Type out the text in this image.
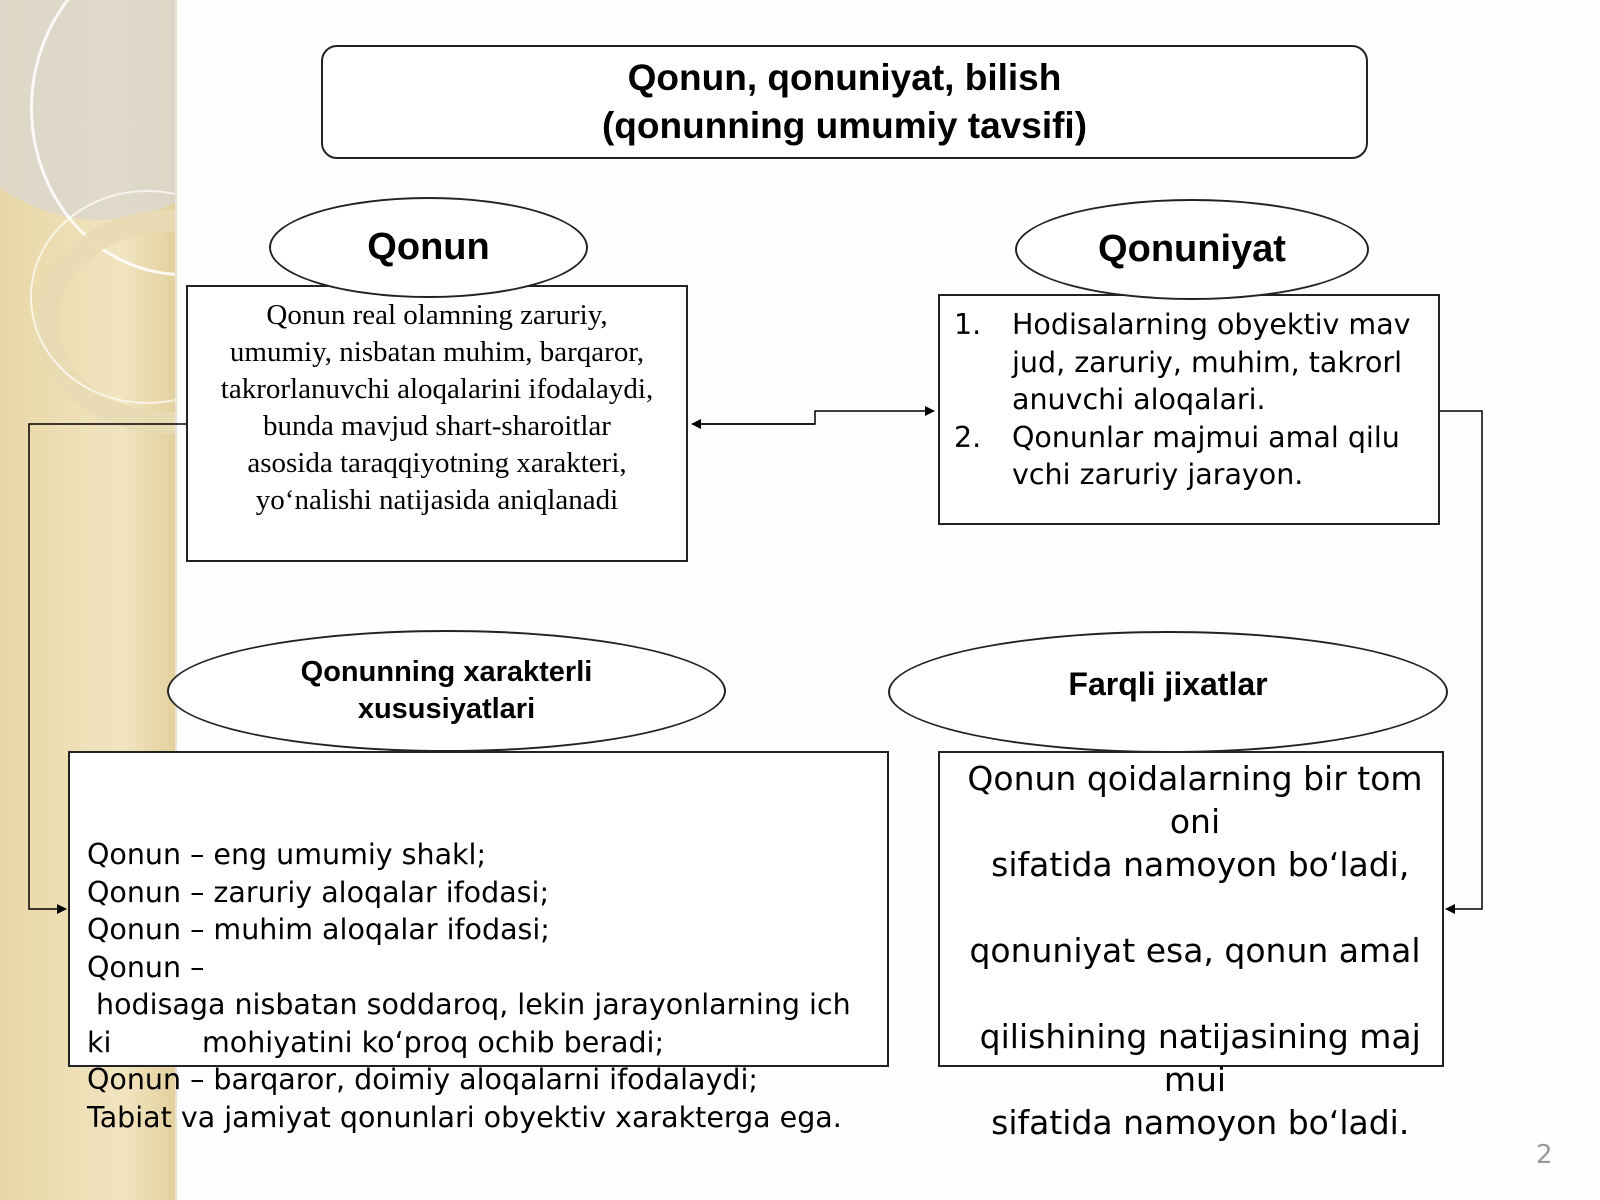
Qonun, qonuniyat, bilish
(qonunning umumiy tavsifi)
Qonun real olamning zaruriy,
umumiy, nisbatan muhim, barqaror,
takrorlanuvchi aloqalarini ifodalaydi,
bunda mavjud shart-sharoitlar
asosida taraqqiyotning xarakteri,
yo‘nalishi natijasida aniqlanadi
Qonun
1.	Hodisalarning obyektiv mav jud, zaruriy, muhim, takrorl anuvchi aloqalari.
2.	Qonunlar majmui amal qilu vchi zaruriy jarayon.
Qonuniyat

Qonun – eng umumiy shakl;
Qonun – zaruriy aloqalar ifodasi;
Qonun – muhim aloqalar ifodasi;
Qonun –
hodisaga nisbatan soddaroq, lekin jarayonlarning ich
ki          mohiyatini ko‘proq ochib beradi;
Qonun – barqaror, doimiy aloqalarni ifodalaydi;
Tabiat va jamiyat qonunlari obyektiv xarakterga ega.

Qonunning xarakterli
xususiyatlari
Qonun qoidalarning bir tom
oni
sifatida namoyon bo‘ladi,

qonuniyat esa, qonun amal

qilishining natijasining maj
mui
sifatida namoyon bo‘ladi.
Farqli jixatlar
2
